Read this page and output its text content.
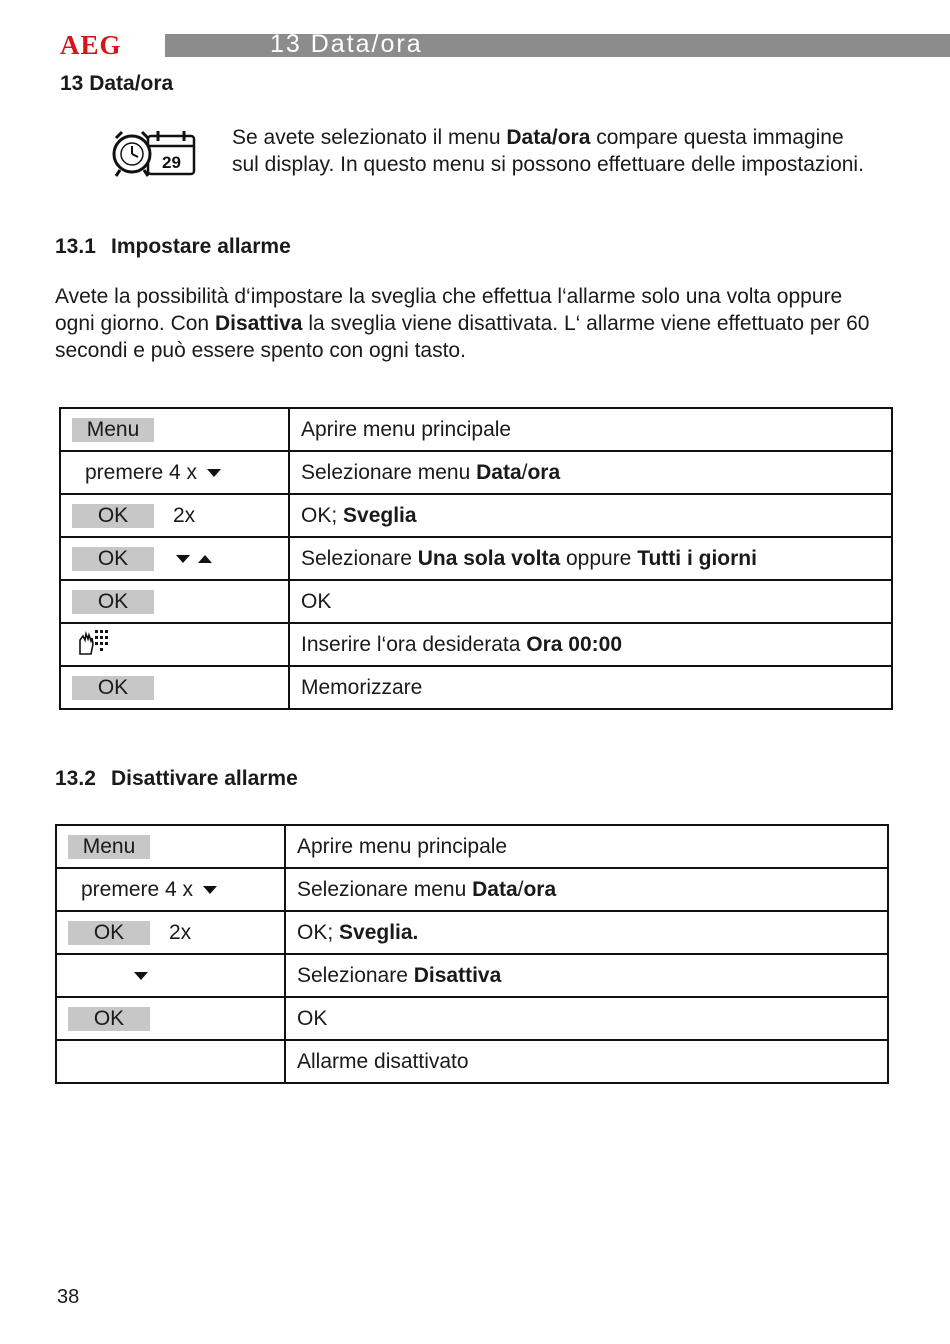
AEG	13 Data/ora
13 Data/ora
29
Se avete selezionato il menu Data/ora compare questa immagine sul display. In questo menu si possono effettuare delle impostazioni.
13.1 Impostare allarme
Avete la possibilità d‘impostare la sveglia che effettua l‘allarme solo una volta oppure ogni giorno. Con Disattiva la sveglia viene disattivata. L‘ allarme viene effettuato per 60 secondi e può essere spento con ogni tasto.
Menu	Aprire menu principale

premere 4 x	Selezionare menu Data/ora

OK 2x	OK; Sveglia

OK	Selezionare Una sola volta oppure Tutti i giorni

OK	OK

	Inserire l‘ora desiderata Ora 00:00

OK	Memorizzare
13.2 Disattivare allarme
Menu	Aprire menu principale

premere 4 x	Selezionare menu Data/ora

OK 2x	OK; Sveglia.

	Selezionare Disattiva

OK	OK
	Allarme disattivato
38
